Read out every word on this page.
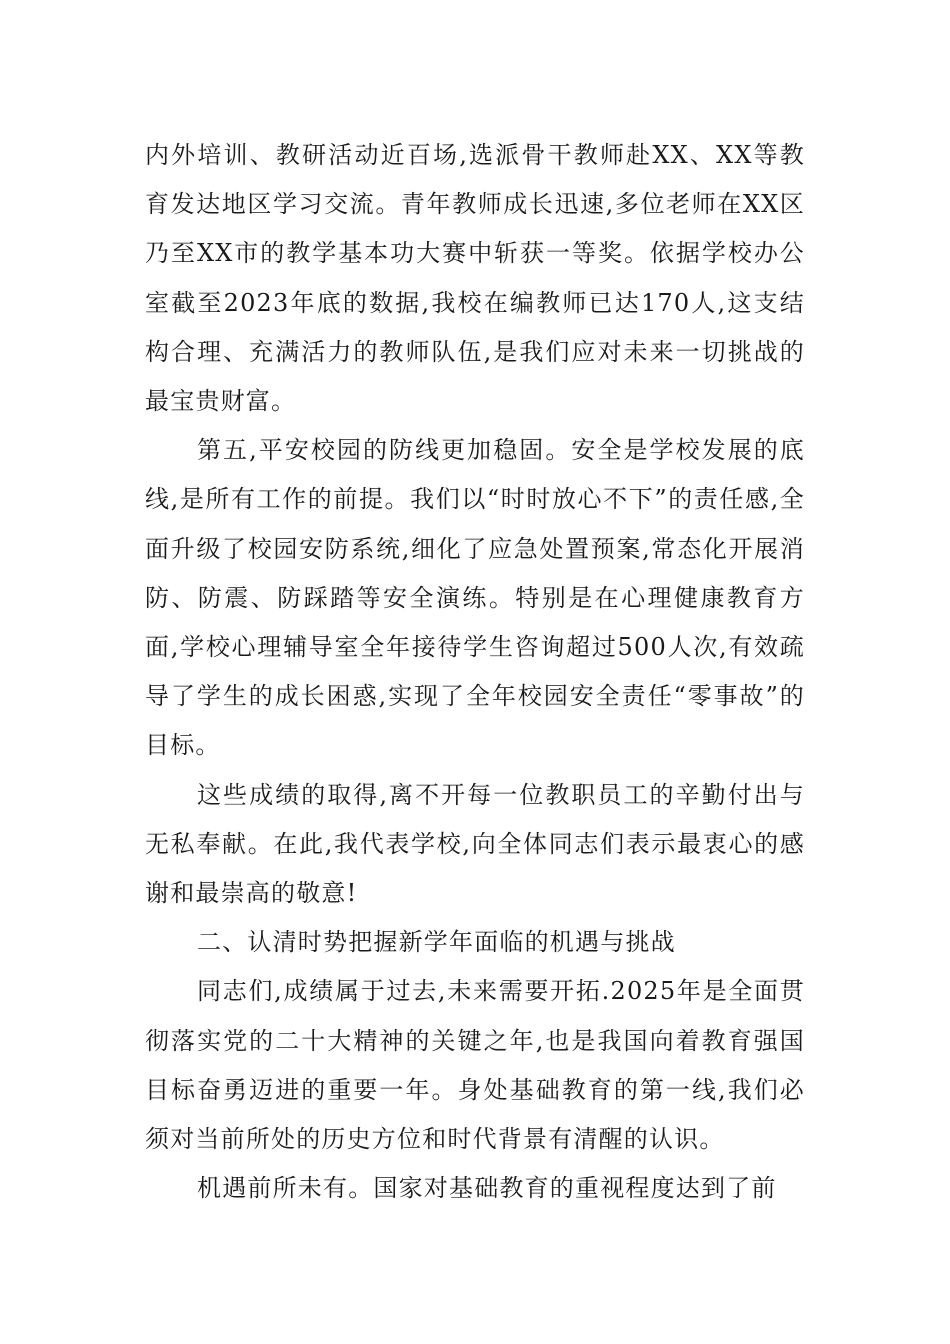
内外培训、教研活动近百场,选派骨干教师赴XX、XX等教育发达地区学习交流。青年教师成长迅速,多位老师在XX区乃至XX市的教学基本功大赛中斩获一等奖。依据学校办公室截至2023年底的数据,我校在编教师已达170人,这支结构合理、充满活力的教师队伍,是我们应对未来一切挑战的最宝贵财富。

第五,平安校园的防线更加稳固。安全是学校发展的底线,是所有工作的前提。我们以“时时放心不下”的责任感,全面升级了校园安防系统,细化了应急处置预案,常态化开展消防、防震、防踩踏等安全演练。特别是在心理健康教育方面,学校心理辅导室全年接待学生咨询超过500人次,有效疏导了学生的成长困惑,实现了全年校园安全责任“零事故”的目标。

这些成绩的取得,离不开每一位教职员工的辛勤付出与无私奉献。在此,我代表学校,向全体同志们表示最衷心的感谢和最崇高的敬意!

二、认清时势把握新学年面临的机遇与挑战

同志们,成绩属于过去,未来需要开拓.2025年是全面贯彻落实党的二十大精神的关键之年,也是我国向着教育强国目标奋勇迈进的重要一年。身处基础教育的第一线,我们必须对当前所处的历史方位和时代背景有清醒的认识。

机遇前所未有。国家对基础教育的重视程度达到了前
